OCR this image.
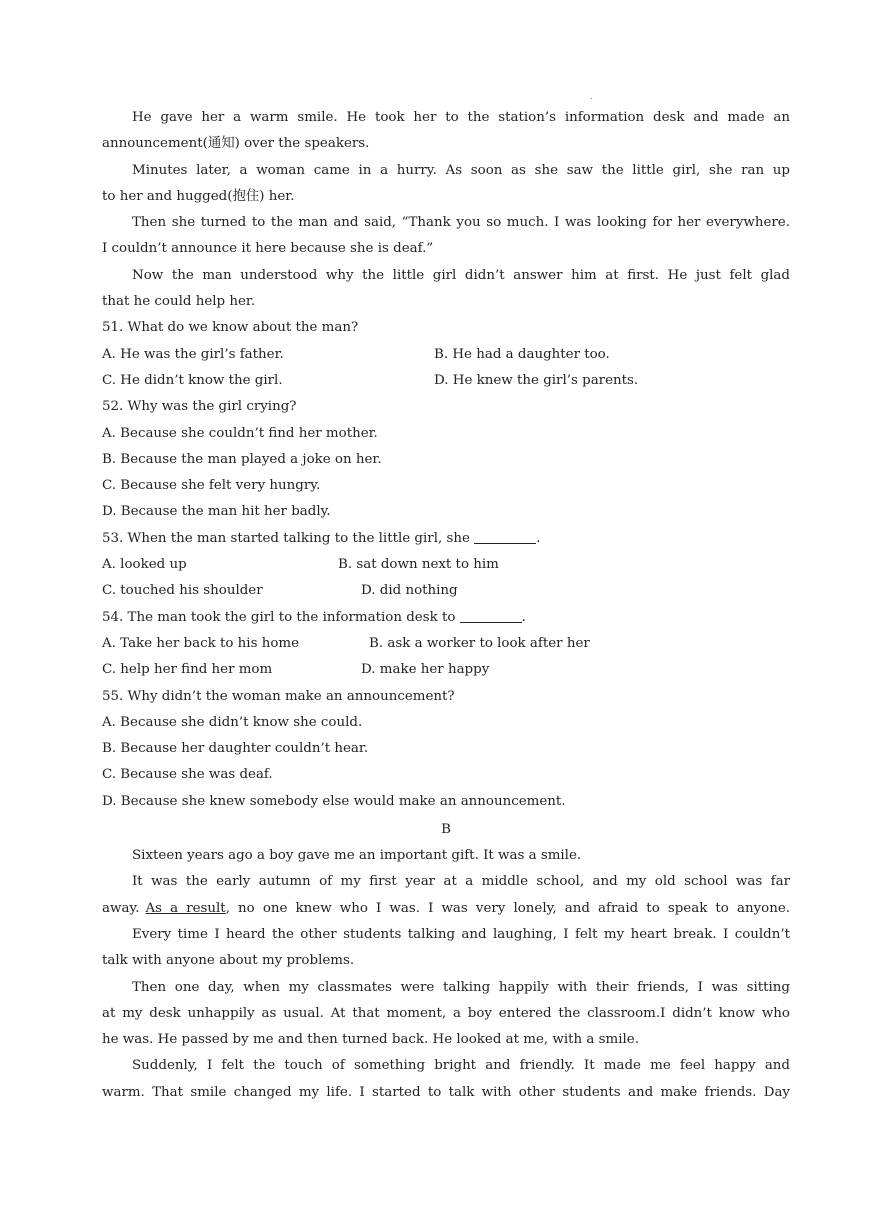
.
He gave her a warm smile. He took her to the station’s information desk and made an
announcement(通知) over the speakers.
Minutes later, a woman came in a hurry. As soon as she saw the little girl, she ran up
to her and hugged(抱住) her.
Then she turned to the man and said, “Thank you so much. I was looking for her everywhere.
I couldn’t announce it here because she is deaf.”
Now the man understood why the little girl didn’t answer him at first. He just felt glad
that he could help her.
51. What do we know about the man?
A. He was the girl’s father.	B. He had a daughter too.
C. He didn’t know the girl.	D. He knew the girl’s parents.
52. Why was the girl crying?
A. Because she couldn’t find her mother.
B. Because the man played a joke on her.
C. Because she felt very hungry.
D. Because the man hit her badly.
53. When the man started talking to the little girl, she	.
A. looked up	B. sat down next to him
C. touched his shoulder	D. did nothing
54. The man took the girl to the information desk to	.
A. Take her back to his home	B. ask a worker to look after her
C. help her find her mom	D. make her happy
55. Why didn’t the woman make an announcement?
A. Because she didn’t know she could.
B. Because her daughter couldn’t hear.
C. Because she was deaf.
D. Because she knew somebody else would make an announcement.
B
Sixteen years ago a boy gave me an important gift. It was a smile.
It was the early autumn of my first year at a middle school, and my old school was far
away. As a result, no one knew who I was. I was very lonely, and afraid to speak to anyone.
Every time I heard the other students talking and laughing, I felt my heart break. I couldn’t
talk with anyone about my problems.
Then one day, when my classmates were talking happily with their friends, I was sitting
at my desk unhappily as usual. At that moment, a boy entered the classroom.I didn’t know who
he was. He passed by me and then turned back. He looked at me, with a smile.
Suddenly, I felt the touch of something bright and friendly. It made me feel happy and
warm. That smile changed my life. I started to talk with other students and make friends. Day
